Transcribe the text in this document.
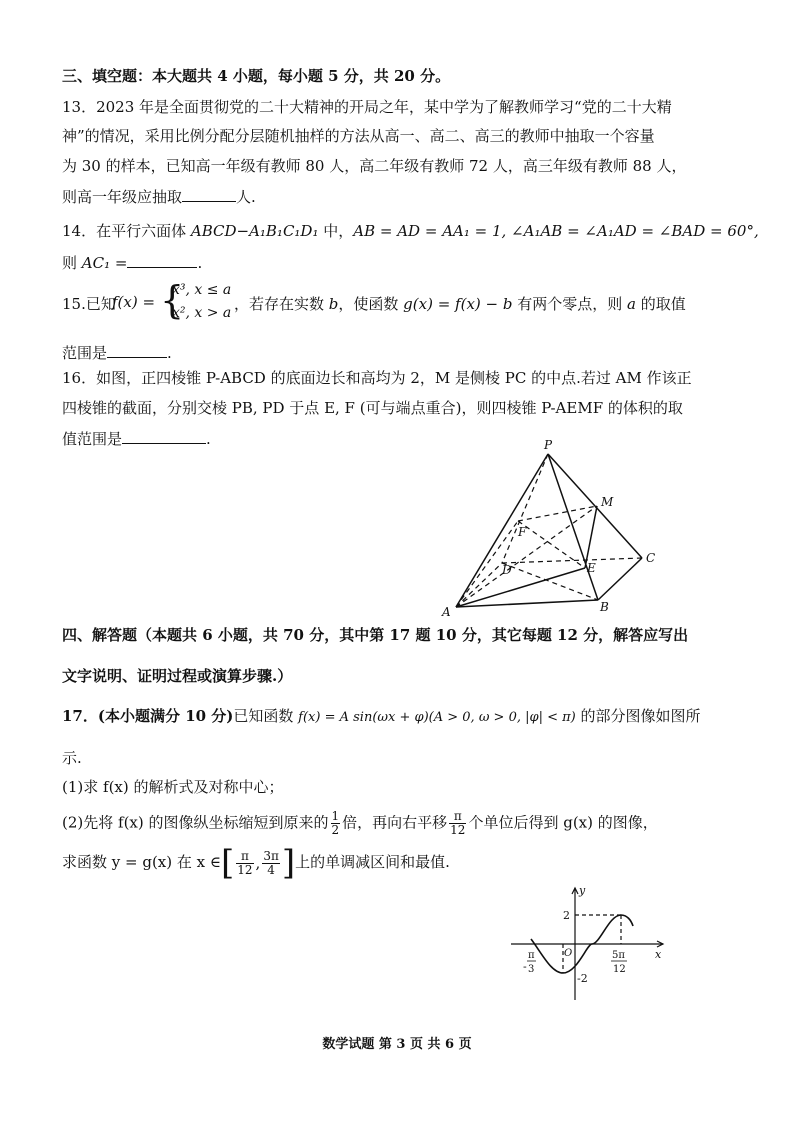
三、填空题：本大题共 4 小题，每小题 5 分，共 20 分。
13．2023 年是全面贯彻党的二十大精神的开局之年，某中学为了解教师学习“党的二十大精
神”的情况，采用比例分配分层随机抽样的方法从高一、高二、高三的教师中抽取一个容量
为 30 的样本，已知高一年级有教师 80 人，高二年级有教师 72 人，高三年级有教师 88 人，
则高一年级应抽取	人.
14．在平行六面体 ABCD−A₁B₁C₁D₁ 中，AB = AD = AA₁ = 1, ∠A₁AB = ∠A₁AD = ∠BAD = 60°,
则 AC₁ =	.
15.已知
f(x) = {
x³, x ≤ a
x², x > a ，若存在实数 b，使函数 g(x) = f(x) − b 有两个零点，则 a 的取值
范围是	.
16．如图，正四棱锥 P-ABCD 的底面边长和高均为 2，M 是侧棱 PC 的中点.若过 AM 作该正
四棱锥的截面，分别交棱 PB, PD 于点 E, F (可与端点重合)，则四棱锥 P-AEMF 的体积的取
值范围是	.	P
M
F
C
D	E
A	B
四、解答题（本题共 6 小题，共 70 分，其中第 17 题 10 分，其它每题 12 分，解答应写出
文字说明、证明过程或演算步骤.）
17．(本小题满分 10 分)已知函数 f(x) = A sin(ωx + φ)(A > 0, ω > 0, |φ| < π) 的部分图像如图所
示.
(1)求 f(x) 的解析式及对称中心；
(2)先将 f(x) 的图像纵坐标缩短到原来的 $\frac{1}{2}$ 倍，再向右平移 $\frac{\pi}{12}$ 个单位后得到 g(x) 的图像，
求函数 y = g(x) 在 x ∈[ $\frac{\pi}{12}$ , $\frac{3\pi}{4}$ ]上的单调减区间和最值.
y
x
2
-2
O
-
π
3
5π
12
数学试题 第 3 页 共 6 页
